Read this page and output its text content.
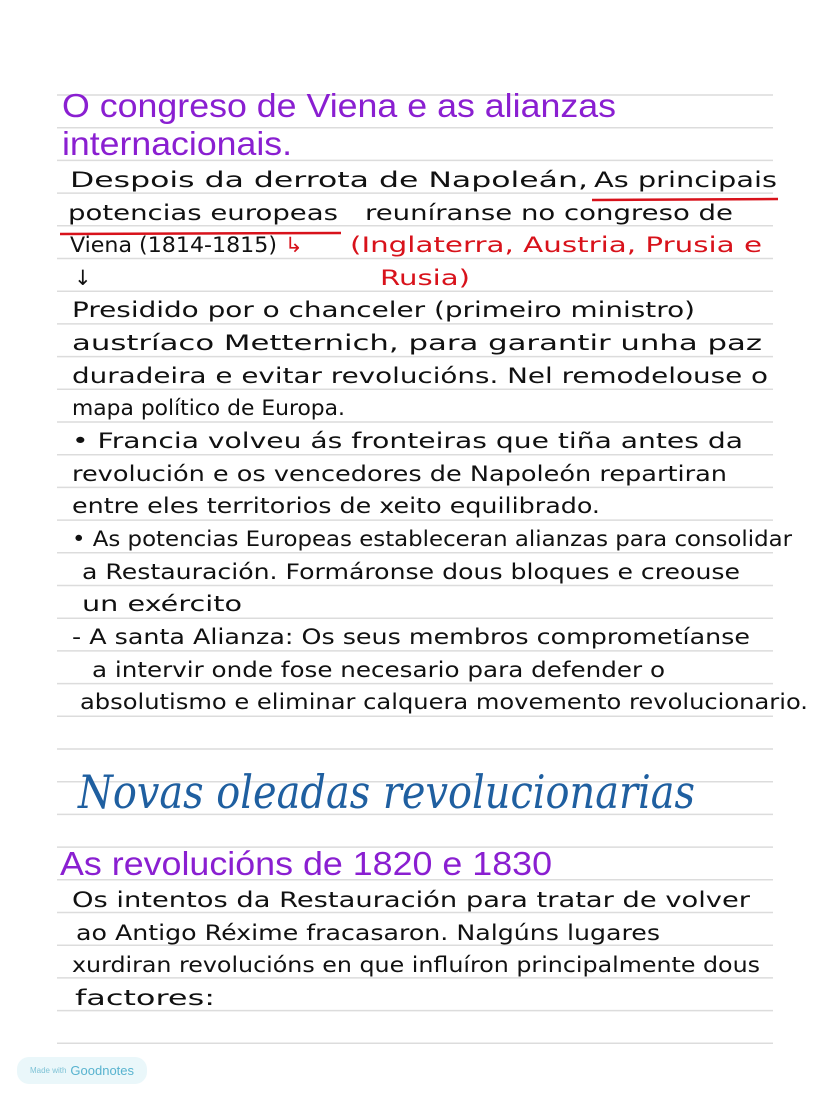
O congreso de Viena e as alianzas
internacionais.
Despois da derrota de Napoleán, As principais
potencias europeas reuníranse no congreso de
Viena (1814-1815) ↳ (Inglaterra, Austria, Prusia e
Rusia)
↓
Presidido por o chanceler (primeiro ministro)
austríaco Metternich, para garantir unha paz
duradeira e evitar revolucións. Nel remodelouse o
mapa político de Europa.
• Francia volveu ás fronteiras que tiña antes da
revolución e os vencedores de Napoleón repartiran
entre eles territorios de xeito equilibrado.
• As potencias Europeas estableceran alianzas para consolidar
a Restauración. Formáronse dous bloques e creouse
un exército
- A santa Alianza: Os seus membros comprometíanse
a intervir onde fose necesario para defender o
absolutismo e eliminar calquera movemento revolucionario.
Novas oleadas revolucionarias
As revolucións de 1820 e 1830
Os intentos da Restauración para tratar de volver
ao Antigo Réxime fracasaron. Nalgúns lugares
xurdiran revolucións en que influíron principalmente dous
factores:
Made with Goodnotes
